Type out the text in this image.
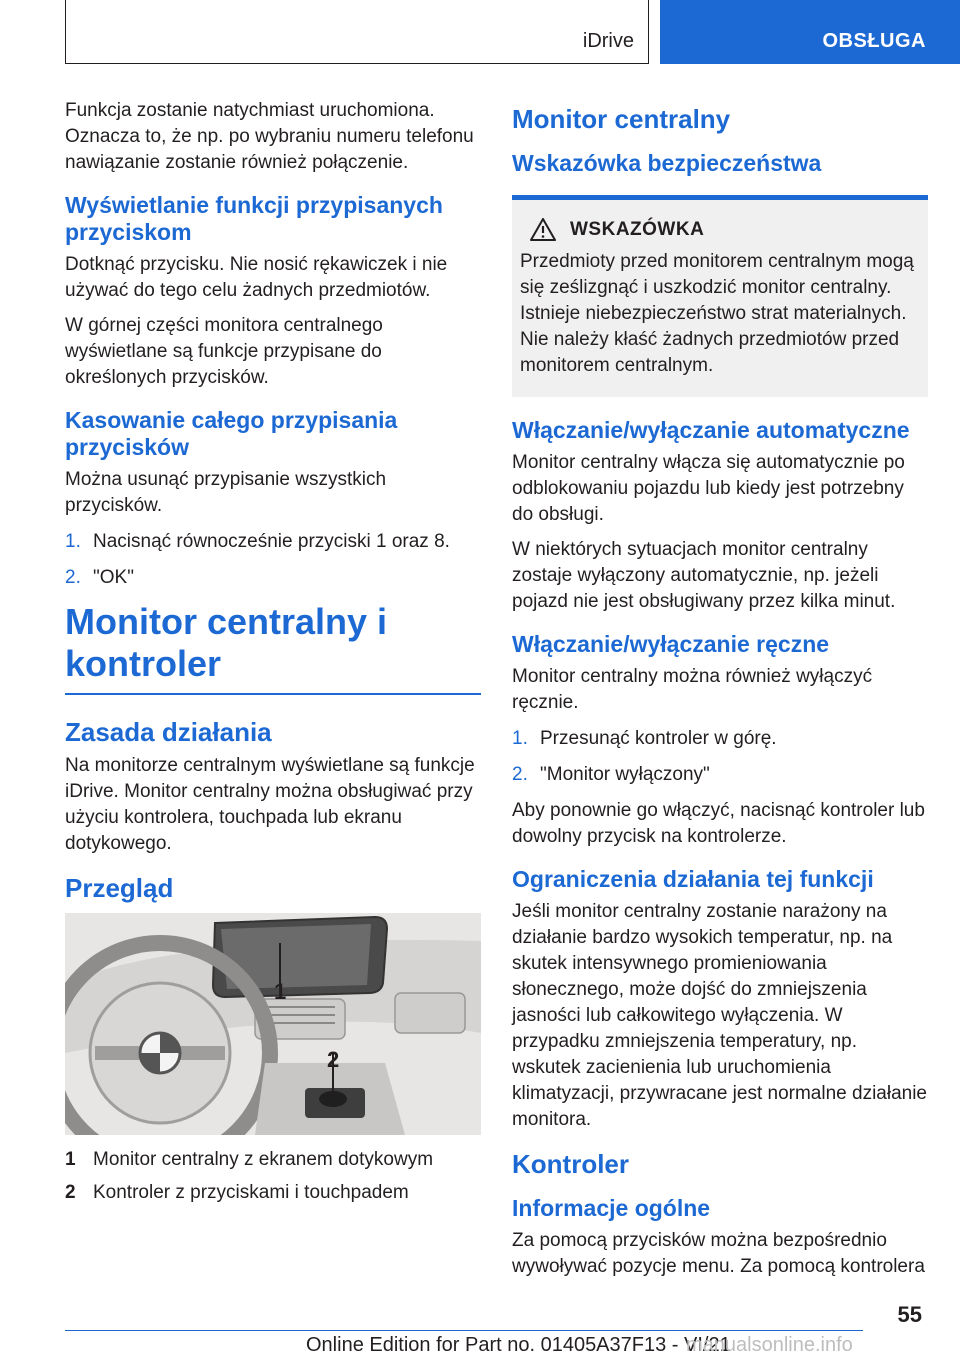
iDrive	OBSŁUGA

Funkcja zostanie natychmiast uruchomiona. Oznacza to, że np. po wybraniu numeru telefonu nawiązanie zostanie również połączenie.

Wyświetlanie funkcji przypisanych przyciskom

Dotknąć przycisku. Nie nosić rękawiczek i nie używać do tego celu żadnych przedmiotów.

W górnej części monitora centralnego wyświetlane są funkcje przypisane do określonych przycisków.

Kasowanie całego przypisania przycisków

Można usunąć przypisanie wszystkich przycisków.

1. Nacisnąć równocześnie przyciski 1 oraz 8.
2. "OK"
Monitor centralny i kontroler
Zasada działania

Na monitorze centralnym wyświetlane są funkcje iDrive. Monitor centralny można obsługiwać przy użyciu kontrolera, touchpada lub ekranu dotykowego.

Przegląd
1
2
1 Monitor centralny z ekranem dotykowym
2 Kontroler z przyciskami i touchpadem
Monitor centralny
Wskazówka bezpieczeństwa
WSKAZÓWKA

Przedmioty przed monitorem centralnym mogą się ześlizgnąć i uszkodzić monitor centralny. Istnieje niebezpieczeństwo strat materialnych. Nie należy kłaść żadnych przedmiotów przed monitorem centralnym.

Włączanie/wyłączanie automatyczne

Monitor centralny włącza się automatycznie po odblokowaniu pojazdu lub kiedy jest potrzebny do obsługi.

W niektórych sytuacjach monitor centralny zostaje wyłączony automatycznie, np. jeżeli pojazd nie jest obsługiwany przez kilka minut.

Włączanie/wyłączanie ręczne

Monitor centralny można również wyłączyć ręcznie.

1. Przesunąć kontroler w górę.
2. "Monitor wyłączony"

Aby ponownie go włączyć, nacisnąć kontroler lub dowolny przycisk na kontrolerze.

Ograniczenia działania tej funkcji

Jeśli monitor centralny zostanie narażony na działanie bardzo wysokich temperatur, np. na skutek intensywnego promieniowania słonecznego, może dojść do zmniejszenia jasności lub całkowitego wyłączenia. W przypadku zmniejszenia temperatury, np. wskutek zacienienia lub uruchomienia klimatyzacji, przywracane jest normalne działanie monitora.

Kontroler
Informacje ogólne

Za pomocą przycisków można bezpośrednio wywoływać pozycje menu. Za pomocą kontrolera

55
Online Edition for Part no. 01405A37F13 - VI/21
manualsonline.info
